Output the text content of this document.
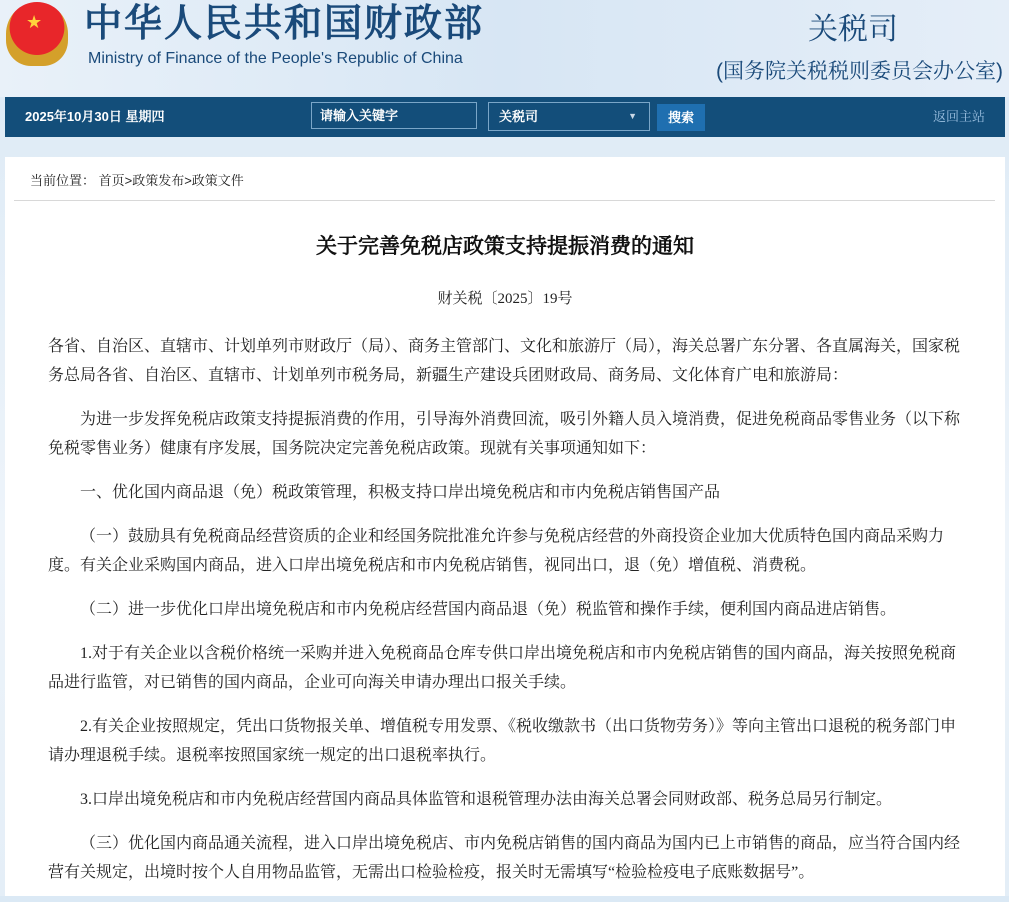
★ 中华人民共和国财政部
Ministry of Finance of the People's Republic of China
关税司
(国务院关税税则委员会办公室)
2025年10月30日 星期四	请输入关键字	关税司	▼	搜索	返回主站
当前位置： 首页>政策发布>政策文件
关于完善免税店政策支持提振消费的通知
财关税〔2025〕19号

各省、自治区、直辖市、计划单列市财政厅（局）、商务主管部门、文化和旅游厅（局），海关总署广东分署、各直属海关，国家税务总局各省、自治区、直辖市、计划单列市税务局，新疆生产建设兵团财政局、商务局、文化体育广电和旅游局：

为进一步发挥免税店政策支持提振消费的作用，引导海外消费回流，吸引外籍人员入境消费，促进免税商品零售业务（以下称免税零售业务）健康有序发展，国务院决定完善免税店政策。现就有关事项通知如下：

一、优化国内商品退（免）税政策管理，积极支持口岸出境免税店和市内免税店销售国产品

（一）鼓励具有免税商品经营资质的企业和经国务院批准允许参与免税店经营的外商投资企业加大优质特色国内商品采购力度。有关企业采购国内商品，进入口岸出境免税店和市内免税店销售，视同出口，退（免）增值税、消费税。

（二）进一步优化口岸出境免税店和市内免税店经营国内商品退（免）税监管和操作手续，便利国内商品进店销售。

1.对于有关企业以含税价格统一采购并进入免税商品仓库专供口岸出境免税店和市内免税店销售的国内商品，海关按照免税商品进行监管，对已销售的国内商品，企业可向海关申请办理出口报关手续。

2.有关企业按照规定，凭出口货物报关单、增值税专用发票、《税收缴款书（出口货物劳务）》等向主管出口退税的税务部门申请办理退税手续。退税率按照国家统一规定的出口退税率执行。

3.口岸出境免税店和市内免税店经营国内商品具体监管和退税管理办法由海关总署会同财政部、税务总局另行制定。

（三）优化国内商品通关流程，进入口岸出境免税店、市内免税店销售的国内商品为国内已上市销售的商品，应当符合国内经营有关规定，出境时按个人自用物品监管，无需出口检验检疫，报关时无需填写“检验检疫电子底账数据号”。
